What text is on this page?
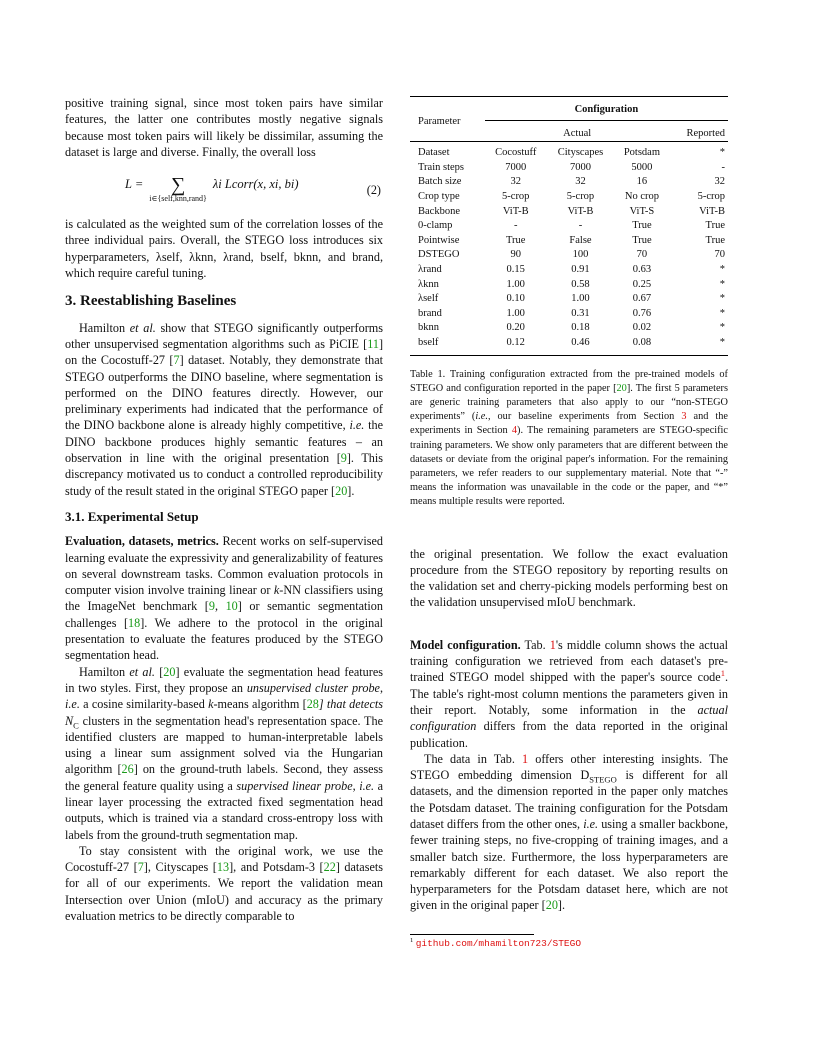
positive training signal, since most token pairs have similar features, the latter one contributes mostly negative signals because most token pairs will likely be dissimilar, assuming the dataset is large and diverse. Finally, the overall loss

L = ∑
i∈{self,knn,rand}
λi Lcorr(x, xi, bi)	(2)

is calculated as the weighted sum of the correlation losses of the three individual pairs. Overall, the STEGO loss introduces six hyperparameters, λself, λknn, λrand, bself, bknn, and brand, which require careful tuning.

3. Reestablishing Baselines

Hamilton et al. show that STEGO significantly outperforms other unsupervised segmentation algorithms such as PiCIE [11] on the Cocostuff-27 [7] dataset. Notably, they demonstrate that STEGO outperforms the DINO baseline, where segmentation is performed on the DINO features directly. However, our preliminary experiments had indicated that the performance of the DINO backbone alone is already highly competitive, i.e. the DINO backbone produces highly semantic features – an observation in line with the original presentation [9]. This discrepancy motivated us to conduct a controlled reproducibility study of the result stated in the original STEGO paper [20].

3.1. Experimental Setup

Evaluation, datasets, metrics. Recent works on self-supervised learning evaluate the expressivity and generalizability of features on several downstream tasks. Common evaluation protocols in computer vision involve training linear or k-NN classifiers using the ImageNet benchmark [9, 10] or semantic segmentation challenges [18]. We adhere to the protocol in the original presentation to evaluate the features produced by the STEGO segmentation head.

Hamilton et al. [20] evaluate the segmentation head features in two styles. First, they propose an unsupervised cluster probe, i.e. a cosine similarity-based k-means algorithm [28] that detects $N_C$ clusters in the segmentation head's representation space. The identified clusters are mapped to human-interpretable labels using a linear sum assignment solved via the Hungarian algorithm [26] on the ground-truth labels. Second, they assess the general feature quality using a supervised linear probe, i.e. a linear layer processing the extracted fixed segmentation head outputs, which is trained via a standard cross-entropy loss with labels from the ground-truth segmentation map.

To stay consistent with the original work, we use the Cocostuff-27 [7], Cityscapes [13], and Potsdam-3 [22] datasets for all of our experiments. We report the validation mean Intersection over Union (mIoU) and accuracy as the primary evaluation metrics to be directly comparable to

Parameter	Configuration			
	Actual			Reported
Dataset	Cocostuff	Cityscapes	Potsdam	*
Train steps	7000	7000	5000	-
Batch size	32	32	16	32
Crop type	5-crop	5-crop	No crop	5-crop
Backbone	ViT-B	ViT-B	ViT-S	ViT-B
0-clamp	-	-	True	True
Pointwise	True	False	True	True
DSTEGO	90	100	70	70
λrand	0.15	0.91	0.63	*
λknn	1.00	0.58	0.25	*
λself	0.10	1.00	0.67	*
brand	1.00	0.31	0.76	*
bknn	0.20	0.18	0.02	*
bself	0.12	0.46	0.08	*

Table 1. Training configuration extracted from the pre-trained models of STEGO and configuration reported in the paper [20]. The first 5 parameters are generic training parameters that also apply to our “non-STEGO experiments” (i.e., our baseline experiments from Section 3 and the experiments in Section 4). The remaining parameters are STEGO-specific training parameters. We show only parameters that are different between the datasets or deviate from the original paper's information. For the remaining parameters, we refer readers to our supplementary material. Note that “-” means the information was unavailable in the code or the paper, and “*” means multiple results were reported.

the original presentation. We follow the exact evaluation procedure from the STEGO repository by reporting results on the validation set and cherry-picking models performing best on the validation unsupervised mIoU benchmark.

Model configuration. Tab. 1's middle column shows the actual training configuration we retrieved from each dataset's pre-trained STEGO model shipped with the paper's source code$^1$. The table's right-most column mentions the parameters given in their report. Notably, some information in the actual configuration differs from the data reported in the original publication.

The data in Tab. 1 offers other interesting insights. The STEGO embedding dimension $D_{STEGO}$ is different for all datasets, and the dimension reported in the paper only matches the Potsdam dataset. The training configuration for the Potsdam dataset differs from the other ones, i.e. using a smaller backbone, fewer training steps, no five-cropping of training images, and a smaller batch size. Furthermore, the loss hyperparameters are remarkably different for each dataset. We also report the hyperparameters for the Potsdam dataset here, which are not given in the original paper [20].

$^1$ github.com/mhamilton723/STEGO
